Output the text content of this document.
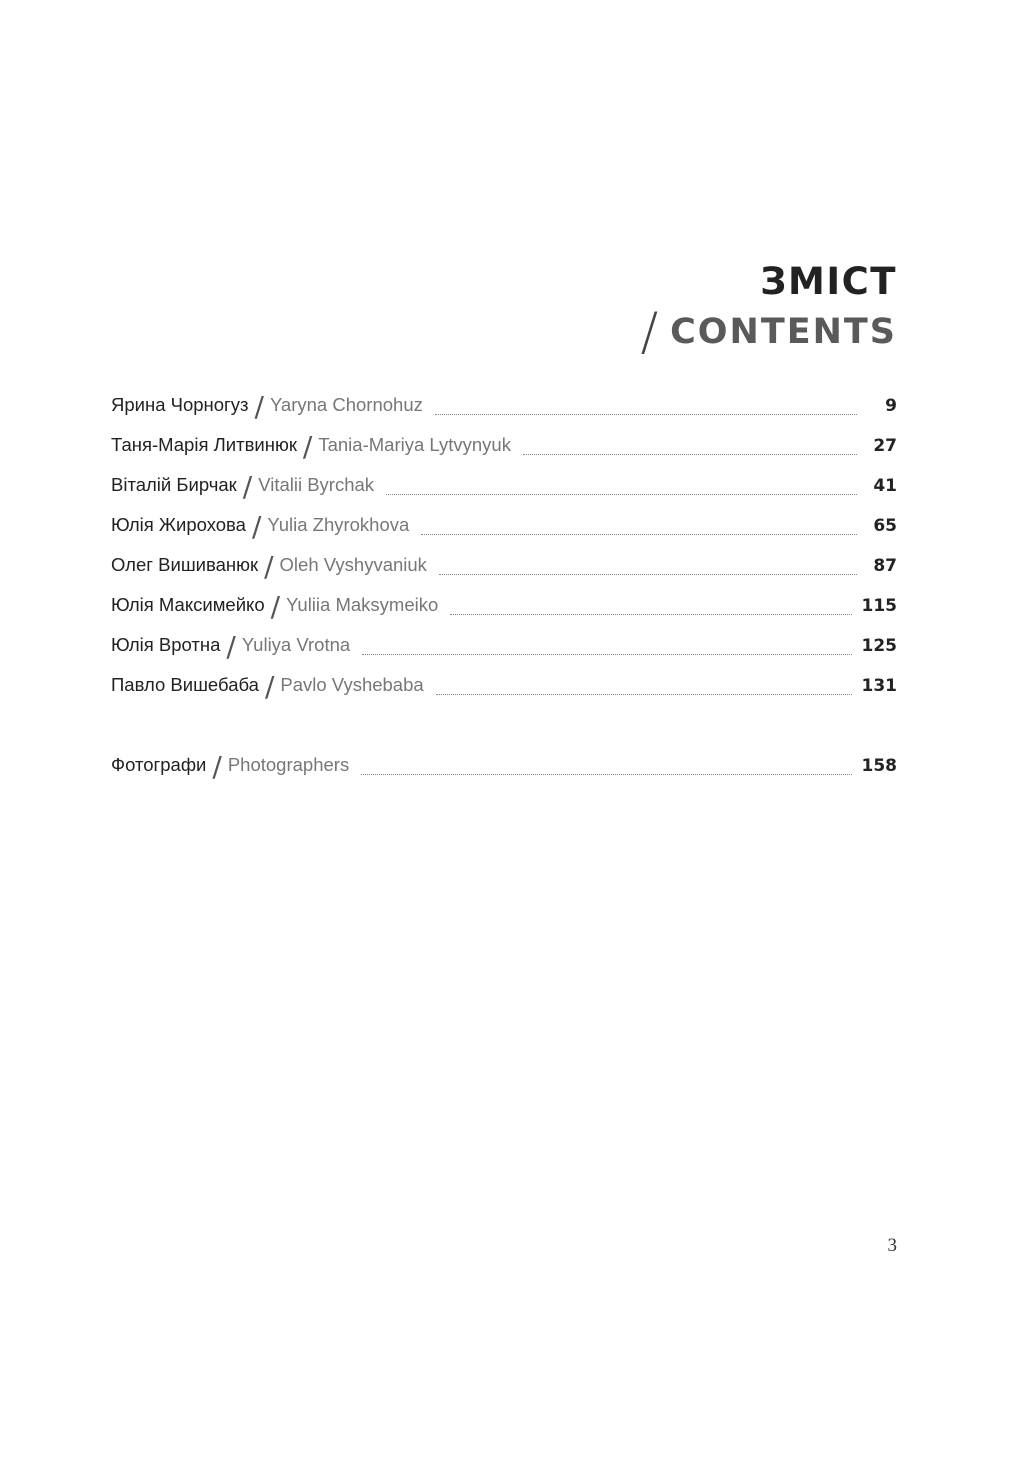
ЗМІСТ
/ CONTENTS
Ярина Чорногуз / Yaryna Chornohuz	9
Таня-Марія Литвинюк / Tania-Mariya Lytvynyuk	27
Віталій Бирчак / Vitalii Byrchak	41
Юлія Жирохова / Yulia Zhyrokhova	65
Олег Вишиванюк / Oleh Vyshyvaniuk	87
Юлія Максимейко / Yuliia Maksymeiko	115
Юлія Вротна / Yuliya Vrotna	125
Павло Вишебаба / Pavlo Vyshebaba	131
Фотографи / Photographers	158
3
